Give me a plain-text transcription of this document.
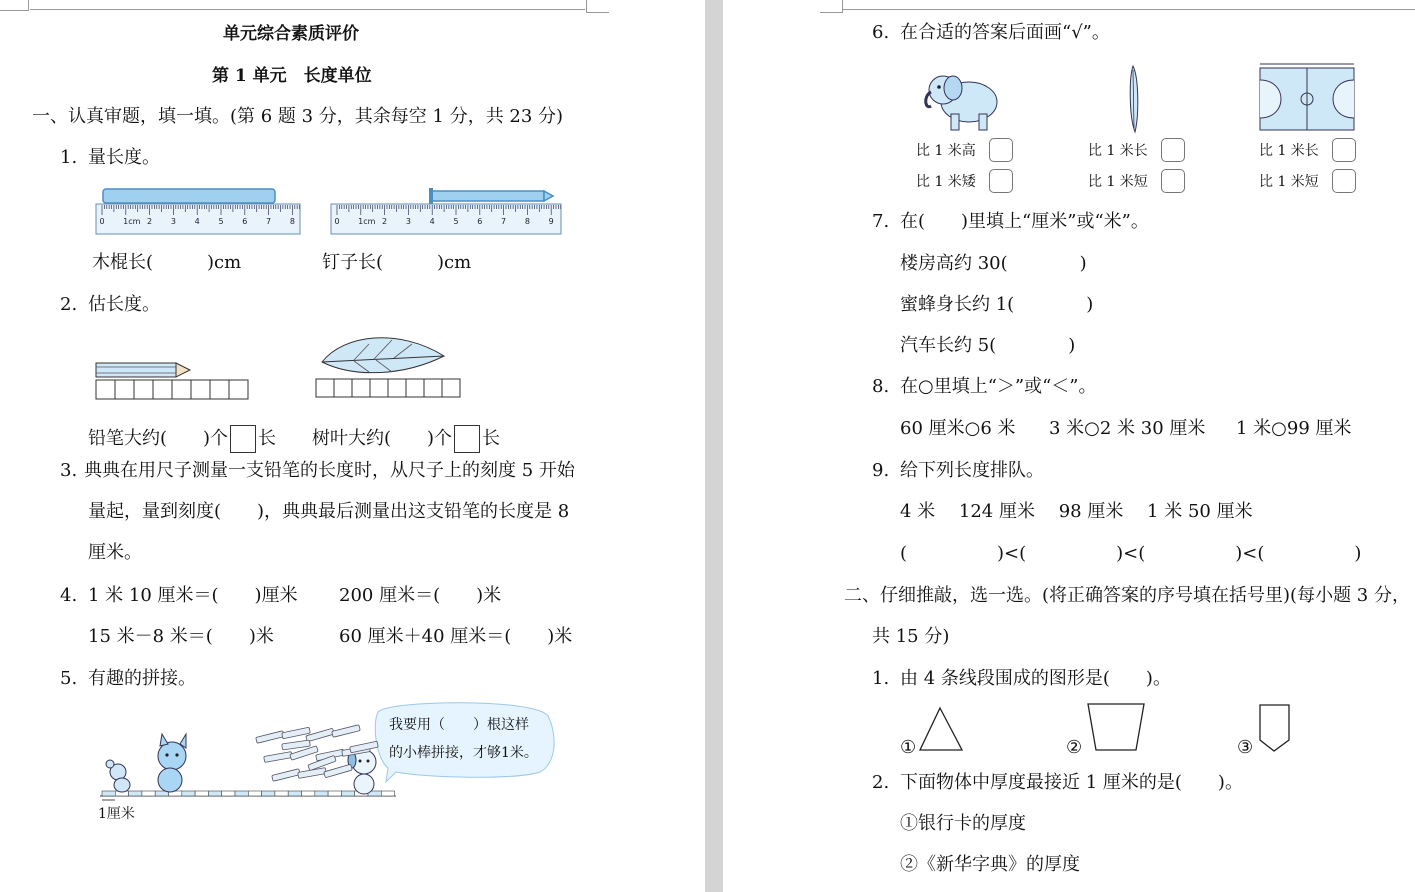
单元综合素质评价
第 1 单元　长度单位
一、认真审题，填一填。(第 6 题 3 分，其余每空 1 分，共 23 分)
1. 量长度。
0 1cm 2 3 4 5 6 7 8	0 1cm 2 3 4 5 6 7 8 9
木棍长(　　　)cm	钉子长(　　　)cm
2. 估长度。
铅笔大约(　　)个 长 树叶大约(　　)个 长
3. 典典在用尺子测量一支铅笔的长度时，从尺子上的刻度 5 开始
量起，量到刻度(　　)，典典最后测量出这支铅笔的长度是 8
厘米。
4. 1 米 10 厘米＝(　　)厘米 200 厘米＝(　　)米
15 米－8 米＝(　　)米	60 厘米＋40 厘米＝(　　)米
5. 有趣的拼接。
我要用（　　）根这样
的小棒拼接，才够1米。
1厘米
6. 在合适的答案后面画“√”。
比 1 米高
比 1 米矮
比 1 米长
比 1 米短
比 1 米长
比 1 米短
7. 在(　　)里填上“厘米”或“米”。
楼房高约 30(　　　　)
蜜蜂身长约 1(　　　　)
汽车长约 5(　　　　)
8. 在○里填上“＞”或“＜”。
60 厘米○6 米 3 米○2 米 30 厘米 1 米○99 厘米
9. 给下列长度排队。
4 米　 124 厘米　 98 厘米　 1 米 50 厘米
(　　　　　)<(　　　　　)<(　　　　　)<(　　　　　)
二、仔细推敲，选一选。(将正确答案的序号填在括号里)(每小题 3 分，
共 15 分)
1. 由 4 条线段围成的图形是(　　)。
①	②	③
2. 下面物体中厚度最接近 1 厘米的是(　　)。
①银行卡的厚度
②《新华字典》的厚度
